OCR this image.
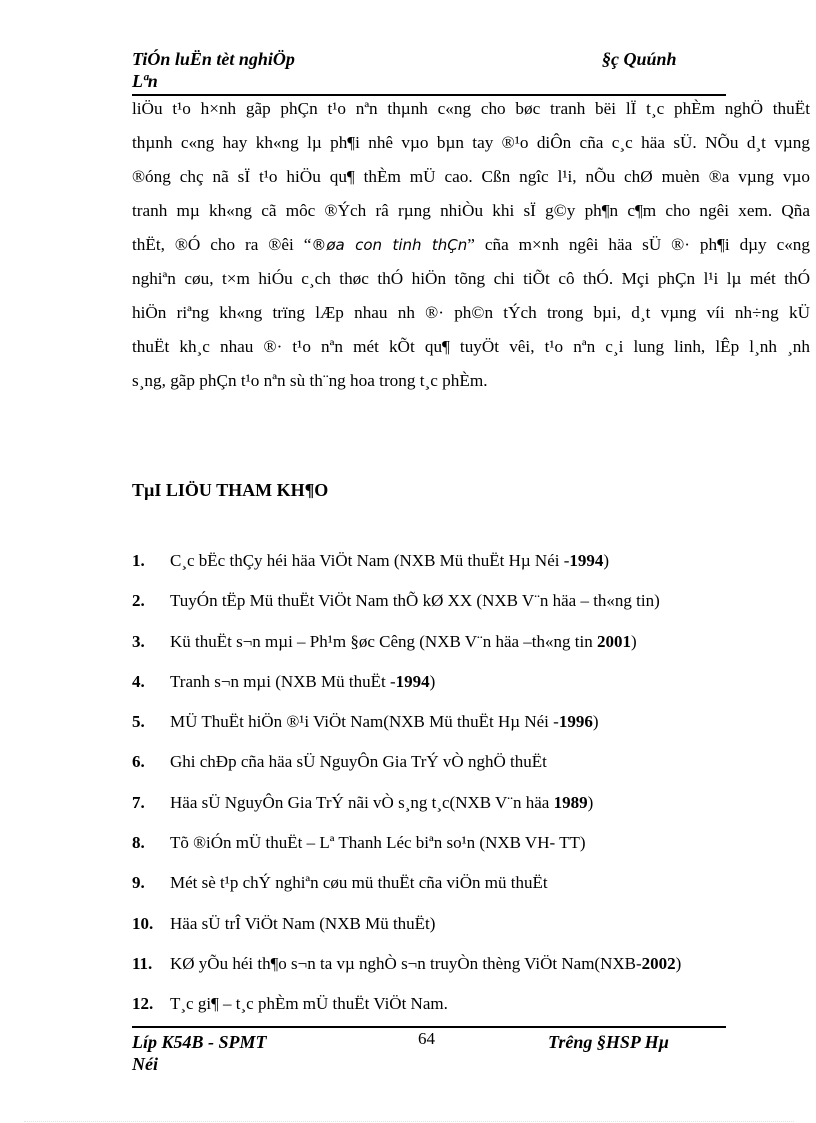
TiÓn luËn tèt nghiÖp
Lªn
§ç Quúnh
liÖu t¹o h×nh gãp phÇn t¹o nªn thµnh c«ng cho bøc tranh bëi lÏ t¸c phÈm nghÖ thuËt
thµnh c«ng hay kh«ng lµ ph¶i nhê vµo bµn tay ®¹o diÔn cña c¸c häa sÜ. NÕu d¸t vµng
®óng chç nã sÏ t¹o hiÖu qu¶ thÈm mÜ cao. Cßn ngîc l¹i, nÕu chØ muèn ®a vµng vµo
tranh mµ kh«ng cã môc ®Ých râ rµng nhiÒu khi sÏ g©y ph¶n c¶m cho ngêi xem. Qña
thËt, ®Ó cho ra ®êi “®øa con tinh thÇn” cña m×nh ngêi häa sÜ ®· ph¶i dµy c«ng
nghiªn cøu, t×m hiÓu c¸ch thøc thÓ hiÖn tõng chi tiÕt cô thÓ. Mçi phÇn l¹i lµ mét thÓ
hiÖn riªng kh«ng trïng lÆp nhau nh ®· ph©n tÝch trong bµi, d¸t vµng víi nh÷ng kÜ
thuËt kh¸c nhau ®· t¹o nªn mét kÕt qu¶ tuyÖt vêi, t¹o nªn c¸i lung linh, lÊp l¸nh ¸nh
s¸ng, gãp phÇn t¹o nªn sù th¨ng hoa trong t¸c phÈm.
TµI LIÖU THAM KH¶O
1.	C¸c bËc thÇy héi häa ViÖt Nam (NXB Mü thuËt Hµ Néi -1994)
2.	TuyÓn tËp Mü thuËt ViÖt Nam thÕ kØ XX (NXB V¨n häa – th«ng tin)
3.	Kü thuËt s¬n mµi – Ph¹m §øc Cêng (NXB V¨n häa –th«ng tin 2001)
4.	Tranh s¬n mµi (NXB Mü thuËt -1994)
5.	MÜ ThuËt hiÖn ®¹i ViÖt Nam(NXB Mü thuËt Hµ Néi -1996)
6.	Ghi chÐp cña häa sÜ NguyÔn Gia TrÝ vÒ nghÖ thuËt
7.	Häa sÜ NguyÔn Gia TrÝ nãi vÒ s¸ng t¸c(NXB V¨n häa 1989)
8.	Tõ ®iÓn mÜ thuËt – Lª Thanh Léc biªn so¹n (NXB VH- TT)
9.	Mét sè t¹p chÝ nghiªn cøu mü thuËt cña viÖn mü thuËt
10. Häa sÜ trÎ ViÖt Nam (NXB Mü thuËt)
11.	KØ yÕu héi th¶o s¬n ta vµ nghÒ s¬n truyÒn thèng ViÖt Nam(NXB-2002)
12. T¸c gi¶ – t¸c phÈm mÜ thuËt ViÖt Nam.
Líp K54B - SPMT
Néi
64	Trêng §HSP Hµ
